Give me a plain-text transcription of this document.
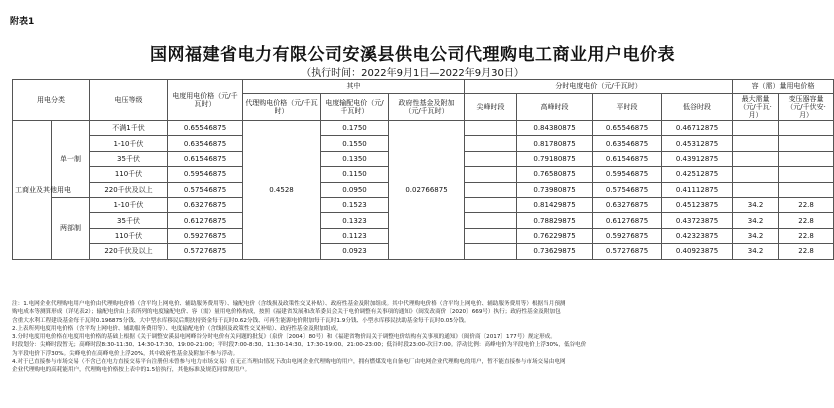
附表1
国网福建省电力有限公司安溪县供电公司代理购电工商业用户电价表
（执行时间：2022年9月1日—2022年9月30日）
用电分类		电压等级	电度用电价格（元/千瓦时）	其中			分时电度电价（元/千瓦时）				容（需）量用电价格	
				代理购电价格（元/千瓦时）	电度输配电价（元/千瓦时）	政府性基金及附加（元/千瓦时）					最大需量（元/千瓦·月）	变压器容量（元/千伏安·月）
							尖峰时段	高峰时段	平时段	低谷时段		
工商业及其他用电	单一制	不满1千伏	0.65546875	0.4528	0.1750	0.02766875		0.84380875	0.65546875	0.46712875		
		1-10千伏	0.63546875		0.1550			0.81780875	0.63546875	0.45312875		
		35千伏	0.61546875		0.1350			0.79180875	0.61546875	0.43912875		
		110千伏	0.59546875		0.1150			0.76580875	0.59546875	0.42512875		
		220千伏及以上	0.57546875		0.0950			0.73980875	0.57546875	0.41112875		
	两部制	1-10千伏	0.63276875		0.1523			0.81429875	0.63276875	0.45123875	34.2	22.8
		35千伏	0.61276875		0.1323			0.78829875	0.61276875	0.43723875	34.2	22.8
		110千伏	0.59276875		0.1123			0.76229875	0.59276875	0.42323875	34.2	22.8
		220千伏及以上	0.57276875		0.0923			0.73629875	0.57276875	0.40923875	34.2	22.8
注：1.电网企业代理购电用户电价由代理购电价格（含平均上网电价、辅助服务费用等）、输配电价（含线损及政策性交叉补贴）、政府性基金及附加组成。其中代理购电价格（含平均上网电价、辅助服务费用等）根据当月预测
购电成本等测算形成（详见表2）；输配电价由上表所列的电度输配电价、容（需）量用电价格构成，按照《福建省发展和改革委员会关于电价调整有关事项的通知》（闽发改商价〔2020〕669号）执行；政府性基金及附加包
含重大水利工程建设基金每千瓦时0.196875分钱、大中型水库移民后期扶持资金每千瓦时0.62分钱、可再生能源电价附加每千瓦时1.9分钱、小型水库移民扶助基金每千瓦时0.05分钱。
2.上表所列电度用电价格（含平均上网电价、辅助服务费用等）、电度输配电价（含线损及政策性交叉补贴）、政府性基金及附加组成。
3.分时电度用电价格在电度用电价格的基础上根据《关于调整安溪县电网峰谷分时电价有关问题的批复》（泉价〔2004〕80号）和《福建省物价局关于调整电价结构有关事项的通知》（闽价商〔2017〕177号）规定形成。
时段划分：尖峰时段暂无；高峰时段8:30-11:30、14:30-17:30、19:00-21:00；平时段7:00-8:30、11:30-14:30、17:30-19:00、21:00-23:00；低谷时段23:00-次日7:00。浮动比例：高峰电价为平段电价上浮30%，低谷电价
为平段电价下浮30%。尖峰电价在高峰电价上浮20%，其中政府性基金及附加不参与浮动。
4.对于已直接参与市场交易（不含已在电力直接交易平台注册但未曾参与电力市场交易）在无正当理由情况下改由电网企业代理购电的用户，拥有燃煤发电自备电厂由电网企业代理购电的用户，暂不能直接参与市场交易由电网
企业代理购电的高耗能用户，代理购电价格按上表中的1.5倍执行，其他标准及规范同常规用户。
